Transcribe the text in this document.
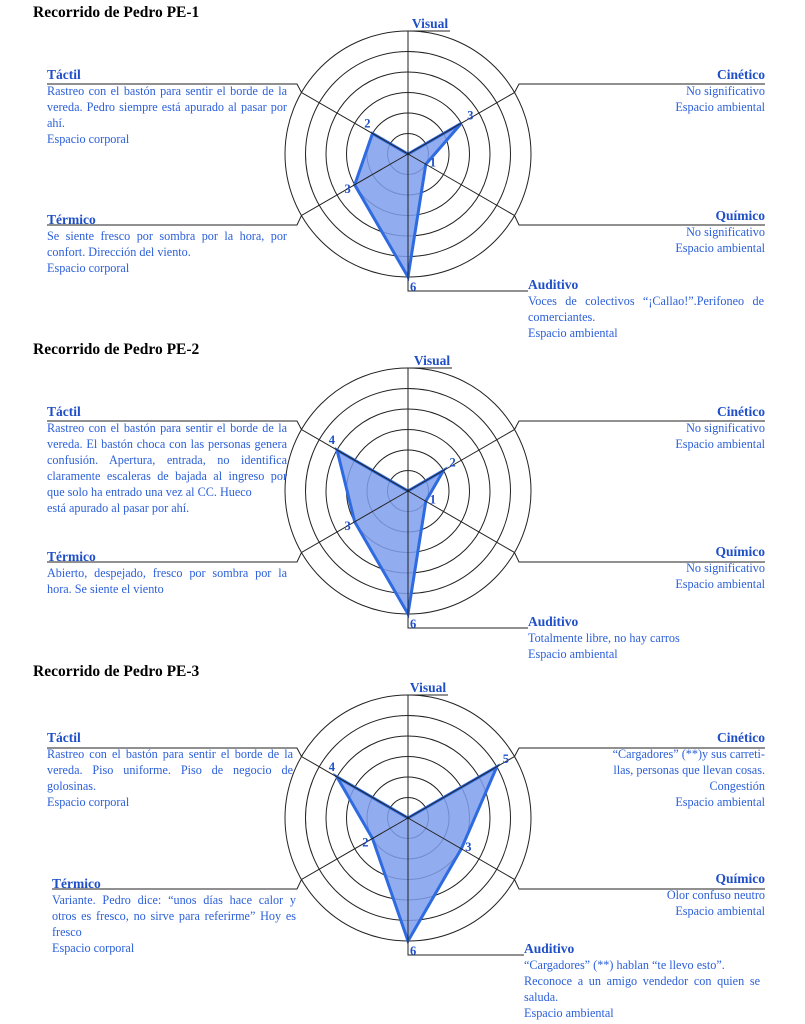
Visual
3
1
6
3
2
Recorrido de Pedro PE-1
Táctil
Rastreo con el bastón para sentir el borde de la vereda. Pedro siempre está apurado al pasar por ahí.
Espacio corporal
Térmico
Se siente fresco por sombra por la hora, por confort. Dirección del viento.
Espacio corporal
Cinético
No significativo
Espacio ambiental
Químico
No significativo
Espacio ambiental
Auditivo
Voces de colectivos “¡Callao!”.Perifoneo de comerciantes.
Espacio ambiental
Visual
2
1
6
3
4
Recorrido de Pedro PE-2
Táctil
Rastreo con el bastón para sentir el borde de la vereda. El bastón choca con las personas genera confusión. Apertura, entrada, no identifica claramente escaleras de bajada al ingreso por que solo ha entrado una vez al CC. Hueco
está apurado al pasar por ahí.
Térmico
Abierto, despejado, fresco por sombra por la hora. Se siente el viento
Cinético
No significativo
Espacio ambiental
Químico
No significativo
Espacio ambiental
Auditivo
Totalmente libre, no hay carros
Espacio ambiental
Visual
5
3
6
2
4
Recorrido de Pedro PE-3
Táctil
Rastreo con el bastón para sentir el borde de la vereda. Piso uniforme. Piso de negocio de golosinas.
Espacio corporal
Térmico
Variante. Pedro dice: “unos días hace calor y otros es fresco, no sirve para referirme” Hoy es fresco
Espacio corporal
Cinético
“Cargadores” (**)y sus carreti-llas, personas que llevan cosas.
Congestión
Espacio ambiental
Químico
Olor confuso neutro
Espacio ambiental
Auditivo
“Cargadores” (**) hablan “te llevo esto”.
Reconoce a un amigo vendedor con quien se saluda.
Espacio ambiental
